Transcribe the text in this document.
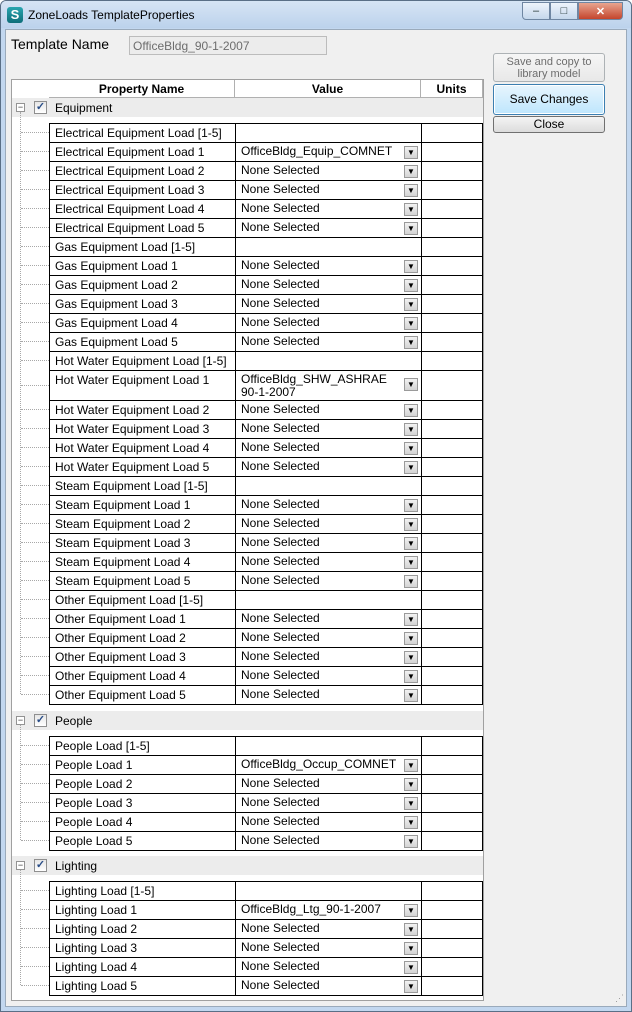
S ZoneLoads TemplateProperties	–	□	✕
Template Name	OfficeBldg_90-1-2007
Save and copy to library model
Save Changes
Close
Property Name	Value	Units
− ✓ Equipment
Electrical Equipment Load [1-5]
Electrical Equipment Load 1	OfficeBldg_Equip_COMNET	▼
Electrical Equipment Load 2	None Selected	▼
Electrical Equipment Load 3	None Selected	▼
Electrical Equipment Load 4	None Selected	▼
Electrical Equipment Load 5	None Selected	▼
Gas Equipment Load [1-5]
Gas Equipment Load 1	None Selected	▼
Gas Equipment Load 2	None Selected	▼
Gas Equipment Load 3	None Selected	▼
Gas Equipment Load 4	None Selected	▼
Gas Equipment Load 5	None Selected	▼
Hot Water Equipment Load [1-5]
Hot Water Equipment Load 1	OfficeBldg_SHW_ASHRAE 90-1-2007
▼
Hot Water Equipment Load 2	None Selected	▼
Hot Water Equipment Load 3	None Selected	▼
Hot Water Equipment Load 4	None Selected	▼
Hot Water Equipment Load 5	None Selected	▼
Steam Equipment Load [1-5]
Steam Equipment Load 1	None Selected	▼
Steam Equipment Load 2	None Selected	▼
Steam Equipment Load 3	None Selected	▼
Steam Equipment Load 4	None Selected	▼
Steam Equipment Load 5	None Selected	▼
Other Equipment Load [1-5]
Other Equipment Load 1	None Selected	▼
Other Equipment Load 2	None Selected	▼
Other Equipment Load 3	None Selected	▼
Other Equipment Load 4	None Selected	▼
Other Equipment Load 5	None Selected	▼
− ✓ People
People Load [1-5]
People Load 1	OfficeBldg_Occup_COMNET	▼
People Load 2	None Selected	▼
People Load 3	None Selected	▼
People Load 4	None Selected	▼
People Load 5	None Selected	▼
− ✓ Lighting
Lighting Load [1-5]
Lighting Load 1	OfficeBldg_Ltg_90-1-2007	▼
Lighting Load 2	None Selected	▼
Lighting Load 3	None Selected	▼
Lighting Load 4	None Selected	▼
Lighting Load 5	None Selected	▼
⋰
